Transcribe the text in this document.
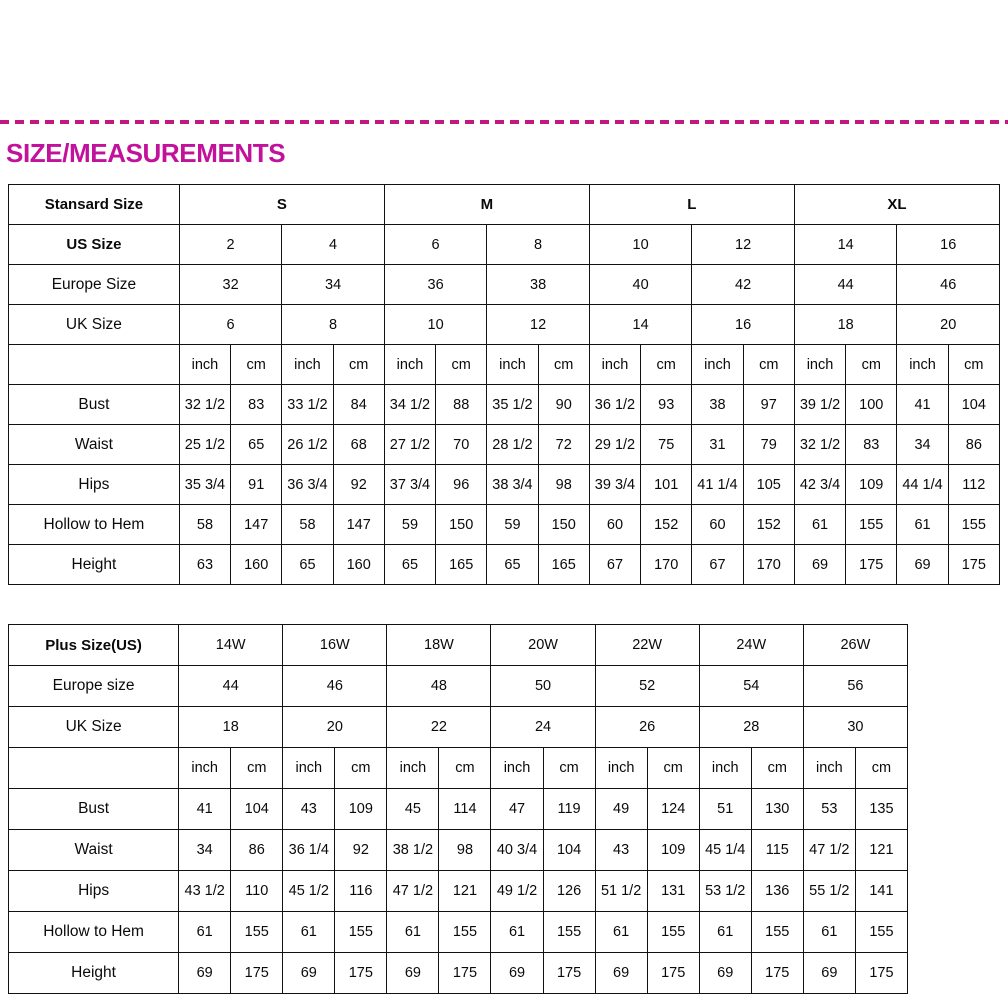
SIZE/MEASUREMENTS
Stansard Size	S				M				L				XL			
US Size	2		4		6		8		10		12		14		16	
Europe Size	32		34		36		38		40		42		44		46	
UK Size	6		8		10		12		14		16		18		20	
	inch	cm	inch	cm	inch	cm	inch	cm	inch	cm	inch	cm	inch	cm	inch	cm
Bust	32 1/2	83	33 1/2	84	34 1/2	88	35 1/2	90	36 1/2	93	38	97	39 1/2	100	41	104
Waist	25 1/2	65	26 1/2	68	27 1/2	70	28 1/2	72	29 1/2	75	31	79	32 1/2	83	34	86
Hips	35 3/4	91	36 3/4	92	37 3/4	96	38 3/4	98	39 3/4	101	41 1/4	105	42 3/4	109	44 1/4	112
Hollow to Hem	58	147	58	147	59	150	59	150	60	152	60	152	61	155	61	155
Height	63	160	65	160	65	165	65	165	67	170	67	170	69	175	69	175
Plus Size(US)	14W		16W		18W		20W		22W		24W		26W	
Europe size	44		46		48		50		52		54		56	
UK Size	18		20		22		24		26		28		30	
	inch	cm	inch	cm	inch	cm	inch	cm	inch	cm	inch	cm	inch	cm
Bust	41	104	43	109	45	114	47	119	49	124	51	130	53	135
Waist	34	86	36 1/4	92	38 1/2	98	40 3/4	104	43	109	45 1/4	115	47 1/2	121
Hips	43 1/2	110	45 1/2	116	47 1/2	121	49 1/2	126	51 1/2	131	53 1/2	136	55 1/2	141
Hollow to Hem	61	155	61	155	61	155	61	155	61	155	61	155	61	155
Height	69	175	69	175	69	175	69	175	69	175	69	175	69	175
